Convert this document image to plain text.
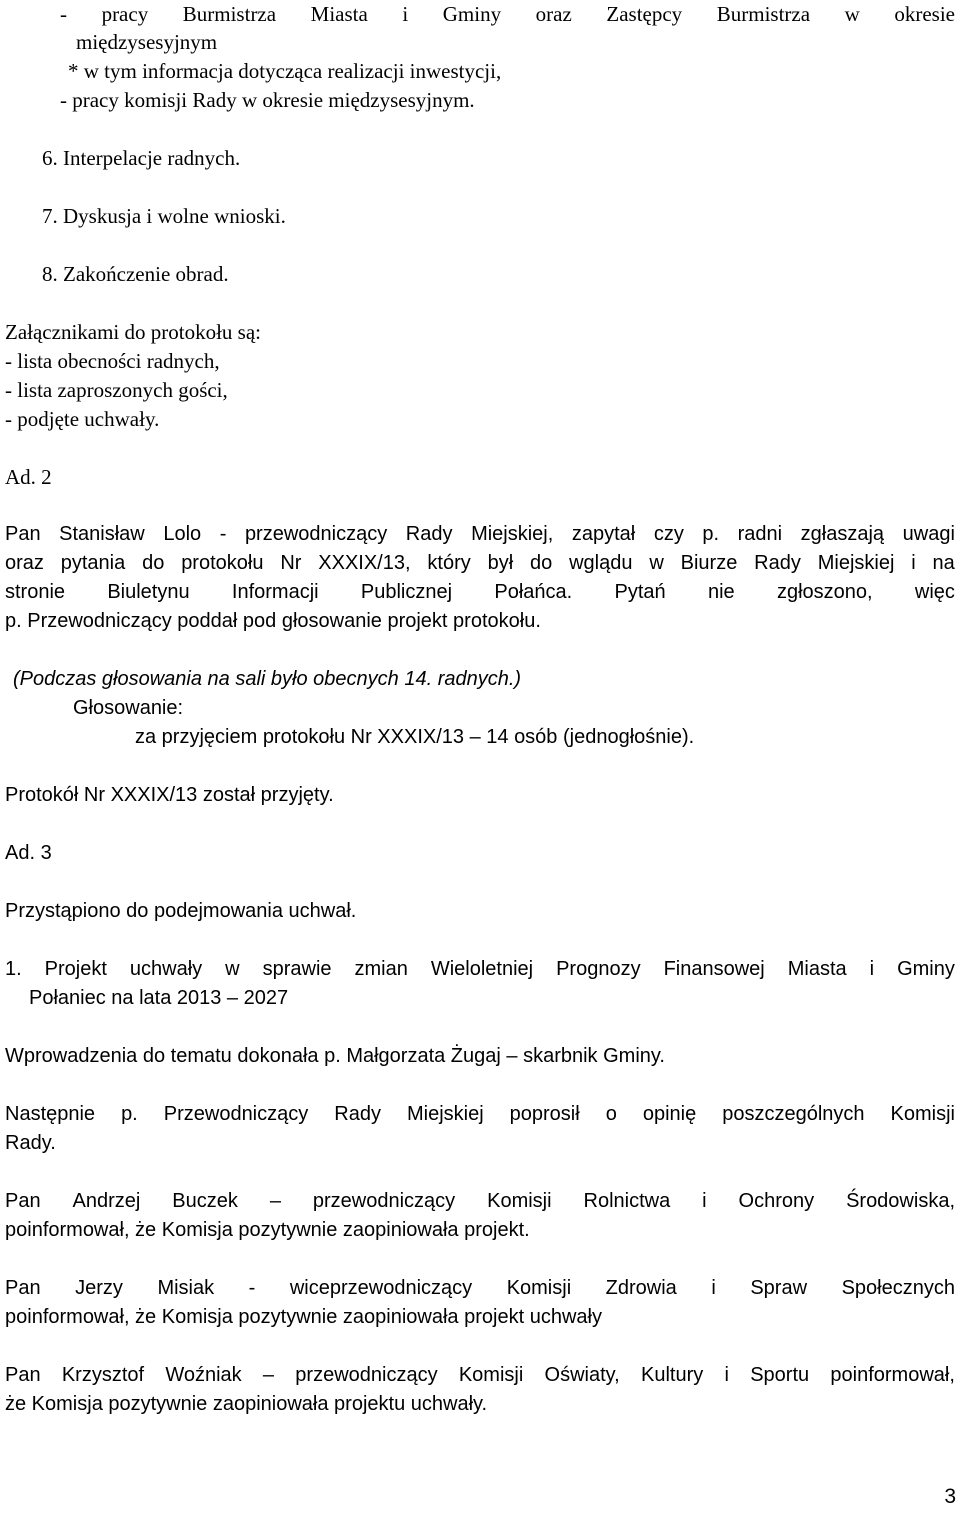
- pracy Burmistrza Miasta i Gminy oraz Zastępcy Burmistrza w okresie
międzysesyjnym
* w tym informacja dotycząca realizacji inwestycji,
- pracy komisji Rady w okresie międzysesyjnym.
6. Interpelacje radnych.
7. Dyskusja i wolne wnioski.
8. Zakończenie obrad.
Załącznikami do protokołu są:
- lista obecności radnych,
- lista zaproszonych gości,
- podjęte uchwały.
Ad. 2
Pan Stanisław Lolo - przewodniczący Rady Miejskiej, zapytał czy p. radni zgłaszają uwagi
oraz pytania do protokołu Nr XXXIX/13, który był do wglądu w Biurze Rady Miejskiej i na
stronie Biuletynu Informacji Publicznej Połańca. Pytań nie zgłoszono, więc
p. Przewodniczący poddał pod głosowanie projekt protokołu.
(Podczas głosowania na sali było obecnych 14. radnych.)
Głosowanie:
za przyjęciem protokołu Nr XXXIX/13 – 14 osób (jednogłośnie).
Protokół Nr XXXIX/13 został przyjęty.
Ad. 3
Przystąpiono do podejmowania uchwał.
1. Projekt uchwały w sprawie zmian Wieloletniej Prognozy Finansowej Miasta i Gminy
Połaniec na lata 2013 – 2027
Wprowadzenia do tematu dokonała p. Małgorzata Żugaj – skarbnik Gminy.
Następnie p. Przewodniczący Rady Miejskiej poprosił o opinię poszczególnych Komisji
Rady.
Pan Andrzej Buczek – przewodniczący Komisji Rolnictwa i Ochrony Środowiska,
poinformował, że Komisja pozytywnie zaopiniowała projekt.
Pan Jerzy Misiak - wiceprzewodniczący Komisji Zdrowia i Spraw Społecznych
poinformował, że Komisja pozytywnie zaopiniowała projekt uchwały
Pan Krzysztof Woźniak – przewodniczący Komisji Oświaty, Kultury i Sportu poinformował,
że Komisja pozytywnie zaopiniowała projektu uchwały.
3
